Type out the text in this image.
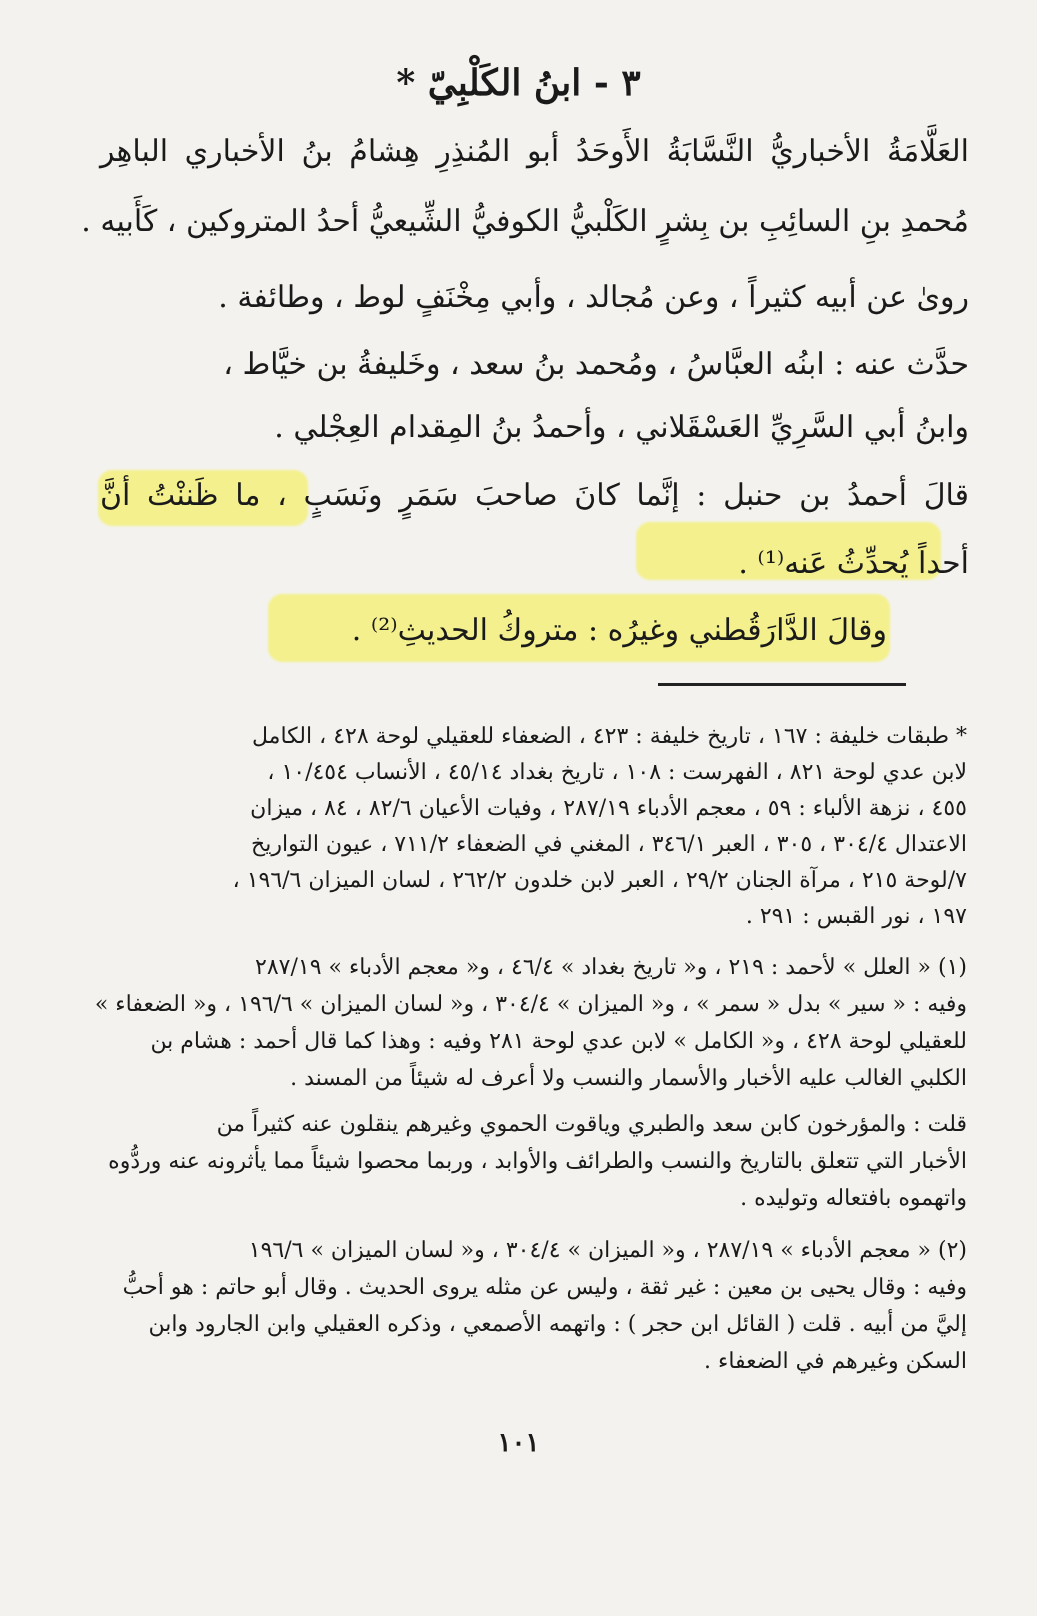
٣ - ابنُ الكَلْبِيّ *
العَلَّامَةُ الأخباريُّ النَّسَّابَةُ الأَوحَدُ أبو المُنذِرِ هِشامُ بنُ الأخباري الباهِر
مُحمدِ بنِ السائِبِ بن بِشرٍ الكَلْبيُّ الكوفيُّ الشِّيعيُّ أحدُ المتروكين ، كَأَبيه .
روىٰ عن أبيه كثيراً ، وعن مُجالد ، وأبي مِخْنَفٍ لوط ، وطائفة .
حدَّث عنه : ابنُه العبَّاسُ ، ومُحمد بنُ سعد ، وخَليفةُ بن خيَّاط ،
وابنُ أبي السَّرِيِّ العَسْقَلاني ، وأحمدُ بنُ المِقدام العِجْلي .
قالَ أحمدُ بن حنبل : إنَّما كانَ صاحبَ سَمَرٍ ونَسَبٍ ، ما ظَننْتُ أنَّ
أحداً يُحدِّثُ عَنه⁽¹⁾ .
وقالَ الدَّارَقُطني وغيرُه : متروكُ الحديثِ⁽²⁾ .
* طبقات خليفة : ١٦٧ ، تاريخ خليفة : ٤٢٣ ، الضعفاء للعقيلي لوحة ٤٢٨ ، الكامل
لابن عدي لوحة ٨٢١ ، الفهرست : ١٠٨ ، تاريخ بغداد ٤٥/١٤ ، الأنساب ١٠/٤٥٤ ،
٤٥٥ ، نزهة الألباء : ٥٩ ، معجم الأدباء ٢٨٧/١٩ ، وفيات الأعيان ٨٢/٦ ، ٨٤ ، ميزان
الاعتدال ٣٠٤/٤ ، ٣٠٥ ، العبر ٣٤٦/١ ، المغني في الضعفاء ٧١١/٢ ، عيون التواريخ
٧/لوحة ٢١٥ ، مرآة الجنان ٢٩/٢ ، العبر لابن خلدون ٢٦٢/٢ ، لسان الميزان ١٩٦/٦ ،
١٩٧ ، نور القبس : ٢٩١ .
(١) « العلل » لأحمد : ٢١٩ ، و« تاريخ بغداد » ٤٦/٤ ، و« معجم الأدباء » ٢٨٧/١٩
وفيه : « سير » بدل « سمر » ، و« الميزان » ٣٠٤/٤ ، و« لسان الميزان » ١٩٦/٦ ، و« الضعفاء »
للعقيلي لوحة ٤٢٨ ، و« الكامل » لابن عدي لوحة ٢٨١ وفيه : وهذا كما قال أحمد : هشام بن
الكلبي الغالب عليه الأخبار والأسمار والنسب ولا أعرف له شيئاً من المسند .
قلت : والمؤرخون كابن سعد والطبري وياقوت الحموي وغيرهم ينقلون عنه كثيراً من
الأخبار التي تتعلق بالتاريخ والنسب والطرائف والأوابد ، وربما محصوا شيئاً مما يأثرونه عنه وردُّوه
واتهموه بافتعاله وتوليده .
(٢) « معجم الأدباء » ٢٨٧/١٩ ، و« الميزان » ٣٠٤/٤ ، و« لسان الميزان » ١٩٦/٦
وفيه : وقال يحيى بن معين : غير ثقة ، وليس عن مثله يروى الحديث . وقال أبو حاتم : هو أحبُّ
إليَّ من أبيه . قلت ( القائل ابن حجر ) : واتهمه الأصمعي ، وذكره العقيلي وابن الجارود وابن
السكن وغيرهم في الضعفاء .
١٠١
